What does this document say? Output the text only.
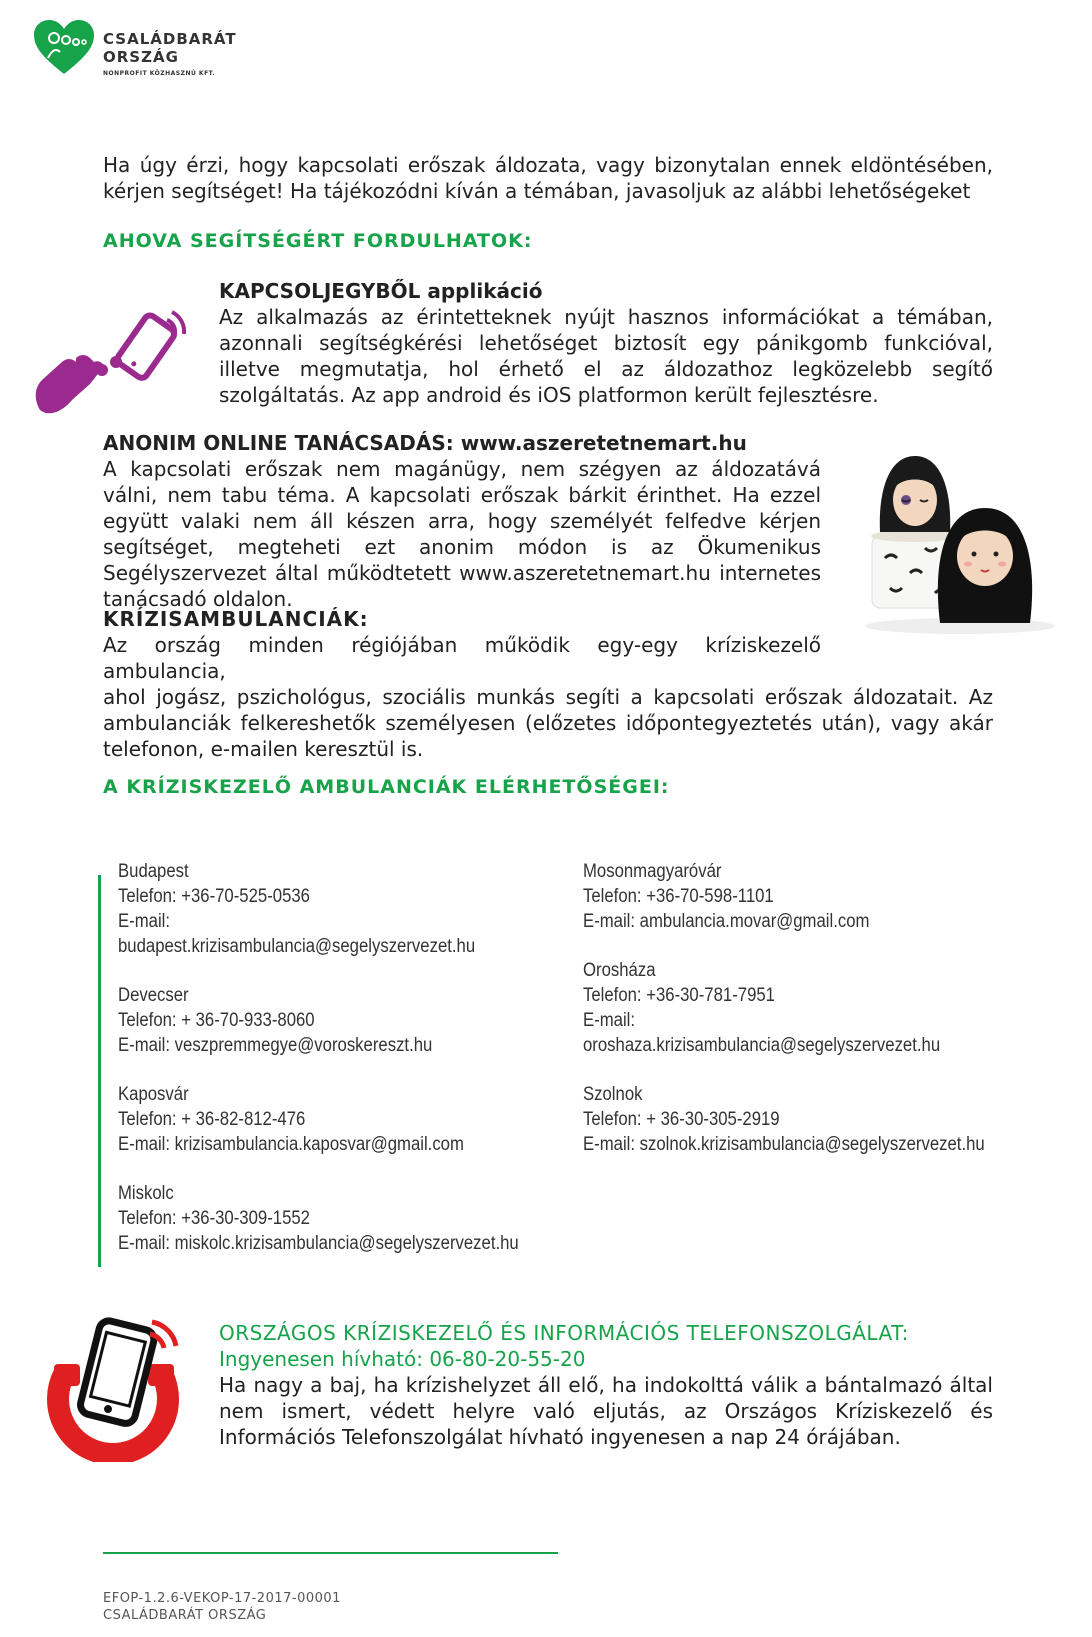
CSALÁDBARÁT
ORSZÁG
NONPROFIT KÖZHASZNÚ KFT.
Ha úgy érzi, hogy kapcsolati erőszak áldozata, vagy bizonytalan ennek eldöntésében, kérjen segítséget! Ha tájékozódni kíván a témában, javasoljuk az alábbi lehetőségeket
AHOVA SEGÍTSÉGÉRT FORDULHATOK:
KAPCSOLJEGYBŐL applikáció
Az alkalmazás az érintetteknek nyújt hasznos információkat a témában, azonnali segítségkérési lehetőséget biztosít egy pánikgomb funkcióval, illetve megmutatja, hol érhető el az áldozathoz legközelebb segítő szolgáltatás. Az app android és iOS platformon került fejlesztésre.
ANONIM ONLINE TANÁCSADÁS: www.aszeretetnemart.hu
A kapcsolati erőszak nem magánügy, nem szégyen az áldozatává válni, nem tabu téma. A kapcsolati erőszak bárkit érinthet. Ha ezzel együtt valaki nem áll készen arra, hogy személyét felfedve kérjen segítséget, megteheti ezt anonim módon is az Ökumenikus Segélyszervezet által működtetett www.aszeretetnemart.hu internetes tanácsadó oldalon.
KRÍZISAMBULANCIÁK:
Az ország minden régiójában működik egy-egy kríziskezelő ambulancia,
ahol jogász, pszichológus, szociális munkás segíti a kapcsolati erőszak áldozatait. Az ambulanciák felkereshetők személyesen (előzetes időpontegyeztetés után), vagy akár telefonon, e-mailen keresztül is.
A KRÍZISKEZELŐ AMBULANCIÁK ELÉRHETŐSÉGEI:
Budapest
Telefon: +36-70-525-0536
E-mail:
budapest.krizisambulancia@segelyszervezet.hu
Devecser
Telefon: + 36-70-933-8060
E-mail: veszpremmegye@voroskereszt.hu
Kaposvár
Telefon: + 36-82-812-476
E-mail: krizisambulancia.kaposvar@gmail.com
Miskolc
Telefon: +36-30-309-1552
E-mail: miskolc.krizisambulancia@segelyszervezet.hu
Mosonmagyaróvár
Telefon: +36-70-598-1101
E-mail: ambulancia.movar@gmail.com
Orosháza
Telefon: +36-30-781-7951
E-mail:
oroshaza.krizisambulancia@segelyszervezet.hu
Szolnok
Telefon: + 36-30-305-2919
E-mail: szolnok.krizisambulancia@segelyszervezet.hu
ORSZÁGOS KRÍZISKEZELŐ ÉS INFORMÁCIÓS TELEFONSZOLGÁLAT:
Ingyenesen hívható: 06-80-20-55-20
Ha nagy a baj, ha krízishelyzet áll elő, ha indokolttá válik a bántalmazó által nem ismert, védett helyre való eljutás, az Országos Kríziskezelő és Információs Telefonszolgálat hívható ingyenesen a nap 24 órájában.
EFOP-1.2.6-VEKOP-17-2017-00001
CSALÁDBARÁT ORSZÁG
